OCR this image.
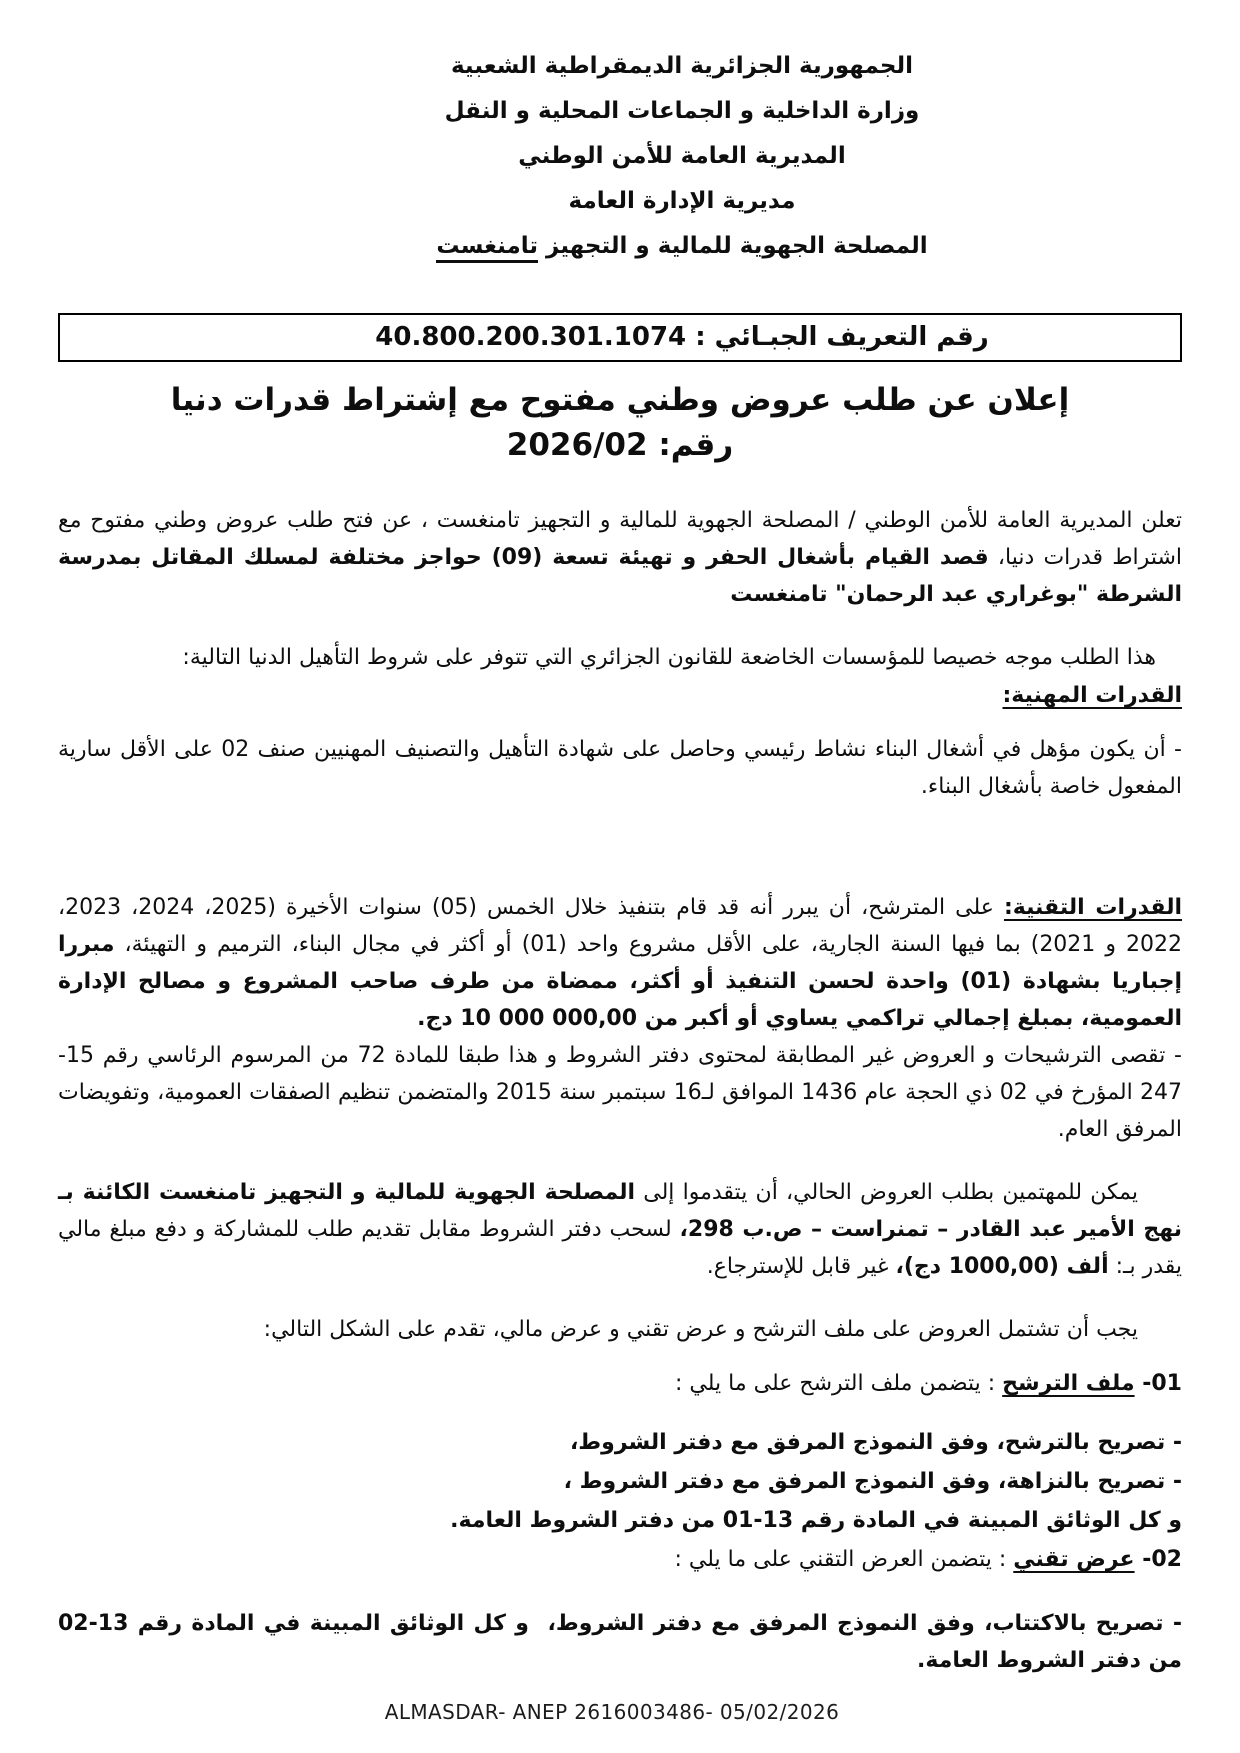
الجمهورية الجزائرية الديمقراطية الشعبية
وزارة الداخلية و الجماعات المحلية و النقل
المديرية العامة للأمن الوطني
مديرية الإدارة العامة
المصلحة الجهوية للمالية و التجهيز تامنغست
رقم التعريف الجبـائي : 40.800.200.301.1074
إعلان عن طلب عروض وطني مفتوح مع إشتراط قدرات دنيا
رقم: 2026/02

تعلن المديرية العامة للأمن الوطني / المصلحة الجهوية للمالية و التجهيز تامنغست ، عن فتح طلب عروض وطني مفتوح مع اشتراط قدرات دنيا، قصد القيام بأشغال الحفر و تهيئة تسعة (09) حواجز مختلفة لمسلك المقاتل بمدرسة الشرطة "بوغراري عبد الرحمان" تامنغست

هذا الطلب موجه خصيصا للمؤسسات الخاضعة للقانون الجزائري التي تتوفر على شروط التأهيل الدنيا التالية:

القدرات المهنية:

- أن يكون مؤهل في أشغال البناء نشاط رئيسي وحاصل على شهادة التأهيل والتصنيف المهنيين صنف 02 على الأقل سارية المفعول خاصة بأشغال البناء.

القدرات التقنية: على المترشح، أن يبرر أنه قد قام بتنفيذ خلال الخمس (05) سنوات الأخيرة (2025، 2024، 2023، 2022 و 2021) بما فيها السنة الجارية، على الأقل مشروع واحد (01) أو أكثر في مجال البناء، الترميم و التهيئة، مبررا إجباريا بشهادة (01) واحدة لحسن التنفيذ أو أكثر، ممضاة من طرف صاحب المشروع و مصالح الإدارة العمومية، بمبلغ إجمالي تراكمي يساوي أو أكبر من 10 000 000,00 دج.

- تقصى الترشيحات و العروض غير المطابقة لمحتوى دفتر الشروط و هذا طبقا للمادة 72 من المرسوم الرئاسي رقم 15-247 المؤرخ في 02 ذي الحجة عام 1436 الموافق لـ16 سبتمبر سنة 2015 والمتضمن تنظيم الصفقات العمومية، وتفويضات المرفق العام.

يمكن للمهتمين بطلب العروض الحالي، أن يتقدموا إلى المصلحة الجهوية للمالية و التجهيز تامنغست الكائنة بـ نهج الأمير عبد القادر – تمنراست – ص.ب 298، لسحب دفتر الشروط مقابل تقديم طلب للمشاركة و دفع مبلغ مالي يقدر بـ: ألف (1000,00 دج)، غير قابل للإسترجاع.

يجب أن تشتمل العروض على ملف الترشح و عرض تقني و عرض مالي، تقدم على الشكل التالي:

01- ملف الترشح : يتضمن ملف الترشح على ما يلي :
- تصريح بالترشح، وفق النموذج المرفق مع دفتر الشروط،
- تصريح بالنزاهة، وفق النموذج المرفق مع دفتر الشروط ،
و كل الوثائق المبينة في المادة رقم 13-01 من دفتر الشروط العامة.
02- عرض تقني : يتضمن العرض التقني على ما يلي :

- تصريح بالاكتتاب، وفق النموذج المرفق مع دفتر الشروط،  و كل الوثائق المبينة في المادة رقم 13-02 من دفتر الشروط العامة.

ALMASDAR- ANEP 2616003486- 05/02/2026
